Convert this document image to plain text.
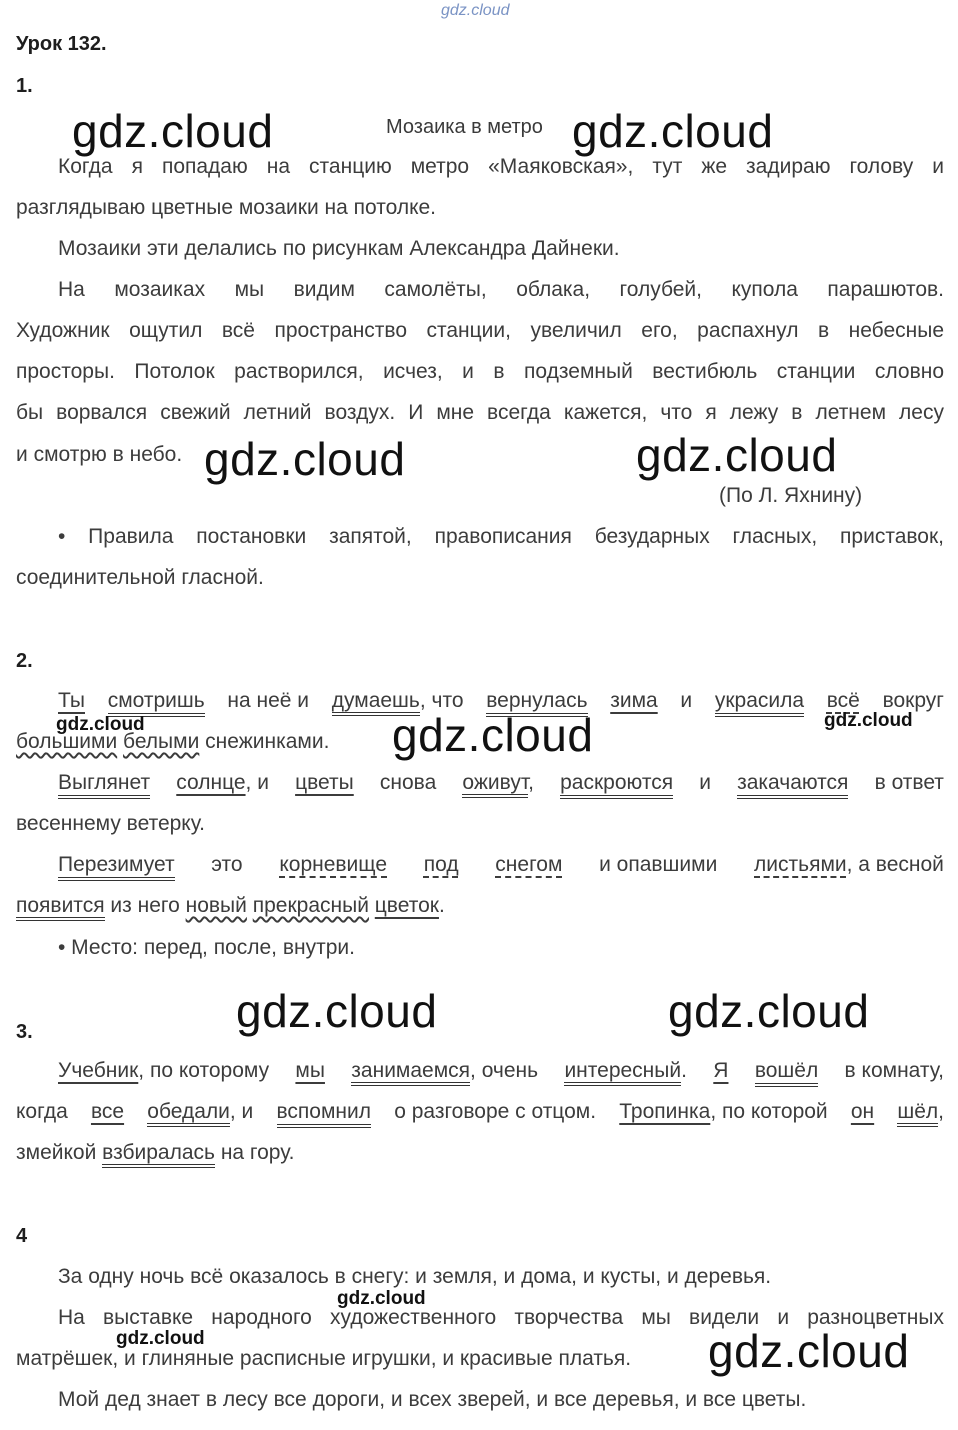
gdz.cloud
Урок 132.
1.
Мозаика в метро
Когда я попадаю на станцию метро «Маяковская», тут же задираю голову и
разглядываю цветные мозаики на потолке.
Мозаики эти делались по рисункам Александра Дайнеки.
На мозаиках мы видим самолёты, облака, голубей, купола парашютов.
Художник ощутил всё пространство станции, увеличил его, распахнул в небесные
просторы. Потолок растворился, исчез, и в подземный вестибюль станции словно
бы ворвался свежий летний воздух. И мне всегда кажется, что я лежу в летнем лесу
и смотрю в небо.
(По Л. Яхнину)
• Правила постановки запятой, правописания безударных гласных, приставок,
соединительной гласной.
2.
Ты смотришь на неё и думаешь, что вернулась зима и украсила всё вокруг
большими белыми снежинками.
Выглянет солнце, и цветы снова оживут, раскроются и закачаются в ответ
весеннему ветерку.
Перезимует это корневище под снегом и опавшими листьями, а весной
появится из него новый прекрасный цветок.
• Место: перед, после, внутри.
3.
Учебник, по которому мы занимаемся, очень интересный. Я вошёл в комнату,
когда все обедали, и вспомнил о разговоре с отцом. Тропинка, по которой он шёл,
змейкой взбиралась на гору.
4
За одну ночь всё оказалось в снегу: и земля, и дома, и кусты, и деревья.
На выставке народного художественного творчества мы видели и разноцветных
матрёшек, и глиняные расписные игрушки, и красивые платья.
Мой дед знает в лесу все дороги, и всех зверей, и все деревья, и все цветы.
gdz.cloud	gdz.cloud
gdz.cloud	gdz.cloud
gdz.cloud	gdz.cloud
gdz.cloud
gdz.cloud	gdz.cloud
gdz.cloud
gdz.cloud	gdz.cloud
